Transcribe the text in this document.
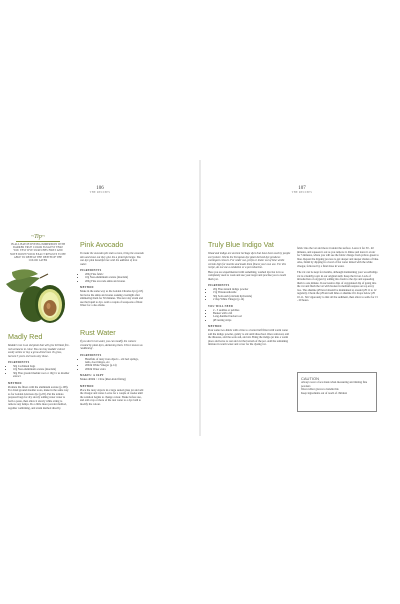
106
THE RECIPES
~Tip~
IN ALL BATCH DYEING IMMERSION WITH DARKER TRUE COLOR SUGGEST THAT YOU TEST DYE SWATCHES FIRST AND NOTE DOWN YOUR EXACT RESULTS TO BE ABLE TO REPEAT THE DEPTH OF THE COLOR LATER
Madly Red
Madder root is an old plant that will give brilliant fire-red variances in color. You can buy madder extract easily online or buy a grow-dried root. To grow, harvest 3 years old roots only those.
INGREDIENTS
• 50g Cochineal bugs
• 10g Non-aluminium acetate (mordant)
• 30g Fine ground madder root or 10g Cr as madder extract
METHOD
Premate the fibers with the aluminum acetate (p.108). For dried ground madder roots, make in the same way as for Golden Glorious dye (p.95). Put the tomato prepared bags for dry slowly adding water water to form a paste, then allow it slowly while string to remove any lumps. Do a little more powder method, together combining, and strain method directly.
Pink Avocado
To make the avocado pits stain a tone, bring the avocado skin and stone out they give the a pink light beige. You can dye pink beautiful hue with the addition of iron water.
INGREDIENTS
• 200g Fine fabric
• 10g Non-aluminium acetate (mordant)
• 200g Fine avocado skins and stones
METHOD
Make in the same way as the Golden Chrome dye (p.95) but leave the skins and stones soaking overnight after simmering them for 30 minutes. The next day strain and use the liquid to dye. Add a couple of teaspoons of Rust Water for a duo shade.
Rust Water
If you don't rust water, you can modify the colours created by plant dyes, darkening them. This is known as 'saddening'.
INGREDIENTS
• Handfuls of rusty iron objects - old bed springs, nails, door hinges, etc.
• 200ml White Vinegar (p.14)
• 200ml Water extra
MAKES: A 1KPT
Makes 400ml / 1 litre (Rust-mold fixing)
METHOD
Place the rusty objects in a large sealed glass jar and add the vinegar and water. Leave for a couple of weeks until the solution begins to change colour. Shake before use, and add a tsp or more of the rust water to a dye bath to modify the colour.
107
THE RECIPES
Truly Blue Indigo Vat
Woad and indigo are ancient heritage dyes that have been used by people everywhere. Works the European dye plant derived dye produces contingent colours. For wider use, prefix or tinker out of blue whilst certain high for months and made them fitness your own use. For this recipe, do not use a oxidation or a pot reduction.
Here you are experimented with something, washed dye hot is in so completely used to work and use your target and practise you to teach them yet.
INGREDIENTS
• 20g Fine natural indigo powder
• 15g Thioureadioxide
• 30g Soda Ash (calcium hydroxide)
• 2 tbsp White Vinegar (p.14)
YOU WILL NEED
• 2 - 3 saddles or pebbles
• Beaker with a lid
• Long-handled bucket tool
• pH testing strips
METHOD
Pour some two-thirds with a litre to a better half filled with warm water add the indigo powder, gently to stir until dissolved. Once removed, add the thiourea, add the soda ash, and stir. Bring the indigo jar into a warm place and leave to rest and cut the bottom of the pot. Add the remaining mixture in warm water and cover for the dyeing vat.
fabric into the vat and move it under the surface. Leave it for 30 - 40 minutes, and squeeze it out as you remove it. Rinse and leave it on air for 5 minutes, where you will see the fabric change from yellow-green to blue. Repeat the dipping process to get deeper and deeper shades of blue. Also, finish by dipping in a bowl of hot water mixed with the white vinegar, followed by a final rinse in water.
The vat can be kept for months, although maintaining your wood/indigo vat is a healthy topic in our original skill. Keep the lid on. Lack of introduction of oxygen by adding into fresh to the dye and squeezing them to one minute. In successive dips of oxygenated dip of going into the vat and flush the vat with bronze in medium surpass on top every two. The alkaline pH level should be maintained at around pH 11 to 12 regularly. Check the pH and add lime or alkaline if it drops below pH 10-11. Stir vigorously to mix all the sediment, then allow to settle for 15 - 20 hours.
CAUTION
Always wear a face mask when measuring and mixing fine powders
Wear rubber gloves to handle this
Keep ingredients out of reach of children
